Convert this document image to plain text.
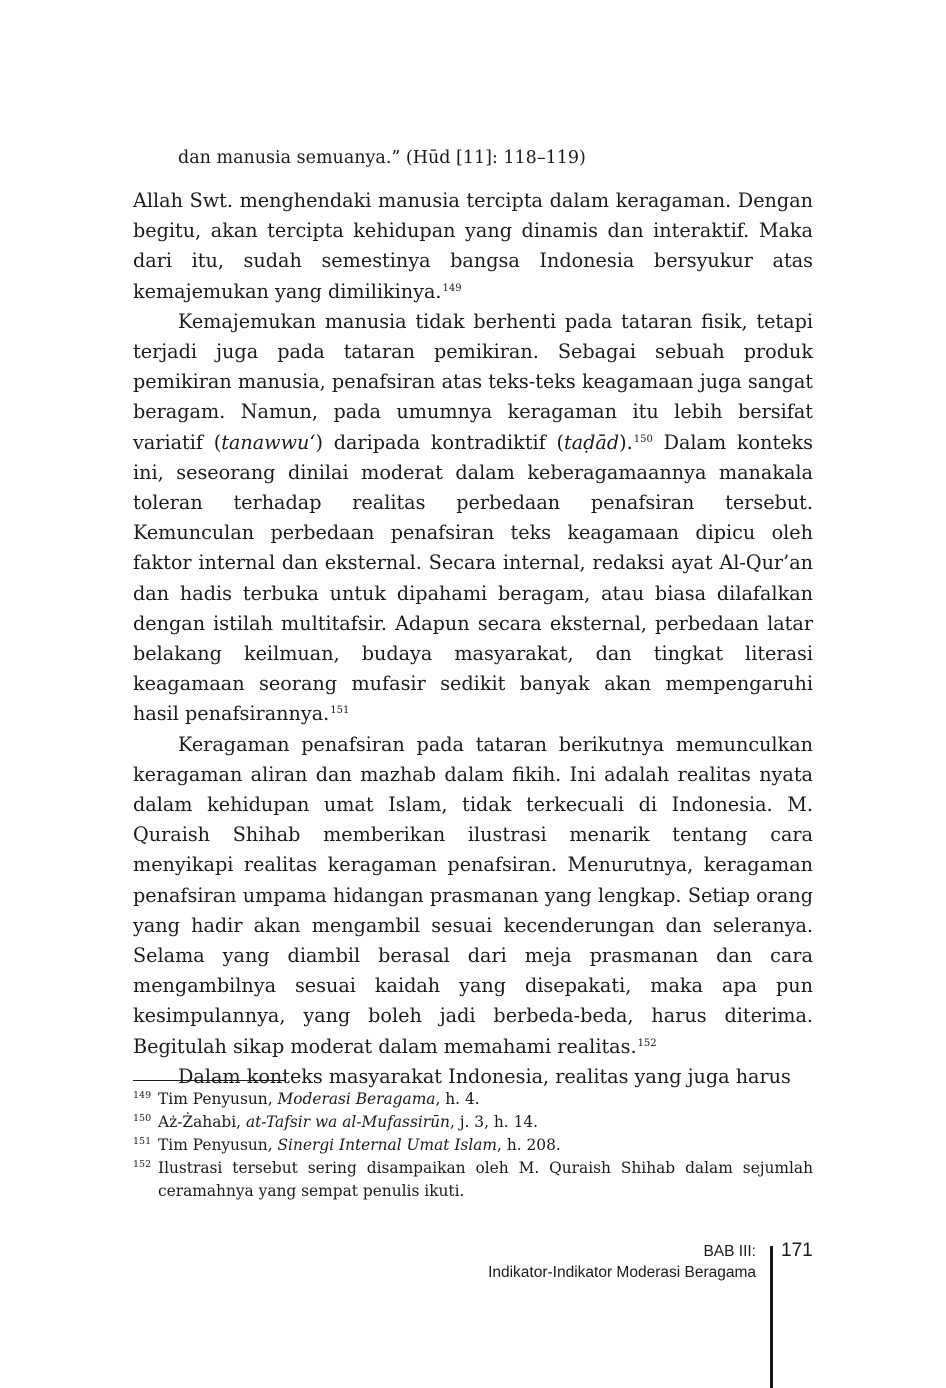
dan manusia semuanya.” (Hūd [11]: 118–119)

Allah Swt. menghendaki manusia tercipta dalam keragaman. Dengan begitu, akan tercipta kehidupan yang dinamis dan interaktif. Maka dari itu, sudah semestinya bangsa Indonesia bersyukur atas kemajemukan yang dimilikinya.$^{149}$

Kemajemukan manusia tidak berhenti pada tataran fisik, tetapi terjadi juga pada tataran pemikiran. Sebagai sebuah produk pemikiran manusia, penafsiran atas teks-teks keagamaan juga sangat beragam. Namun, pada umumnya keragaman itu lebih bersifat variatif (tanawwu‘) daripada kontradiktif (taḍād).$^{150}$ Dalam konteks ini, seseorang dinilai moderat dalam keberagamaannya manakala toleran terhadap realitas perbedaan penafsiran tersebut. Kemunculan perbedaan penafsiran teks keagamaan dipicu oleh faktor internal dan eksternal. Secara internal, redaksi ayat Al-Qur’an dan hadis terbuka untuk dipahami beragam, atau biasa dilafalkan dengan istilah multitafsir. Adapun secara eksternal, perbedaan latar belakang keilmuan, budaya masyarakat, dan tingkat literasi keagamaan seorang mufasir sedikit banyak akan mempengaruhi hasil penafsirannya.$^{151}$

Keragaman penafsiran pada tataran berikutnya memunculkan keragaman aliran dan mazhab dalam fikih. Ini adalah realitas nyata dalam kehidupan umat Islam, tidak terkecuali di Indonesia. M. Quraish Shihab memberikan ilustrasi menarik tentang cara menyikapi realitas keragaman penafsiran. Menurutnya, keragaman penafsiran umpama hidangan prasmanan yang lengkap. Setiap orang yang hadir akan mengambil sesuai kecenderungan dan seleranya. Selama yang diambil berasal dari meja prasmanan dan cara mengambilnya sesuai kaidah yang disepakati, maka apa pun kesimpulannya, yang boleh jadi berbeda-beda, harus diterima. Begitulah sikap moderat dalam memahami realitas.$^{152}$

Dalam konteks masyarakat Indonesia, realitas yang juga harus

149 Tim Penyusun, Moderasi Beragama, h. 4.
150 Aż-Żahabi, at-Tafsir wa al-Mufassirūn, j. 3, h. 14.
151 Tim Penyusun, Sinergi Internal Umat Islam, h. 208.
152 Ilustrasi tersebut sering disampaikan oleh M. Quraish Shihab dalam sejumlah ceramahnya yang sempat penulis ikuti.
BAB III:
Indikator-Indikator Moderasi Beragama
171
